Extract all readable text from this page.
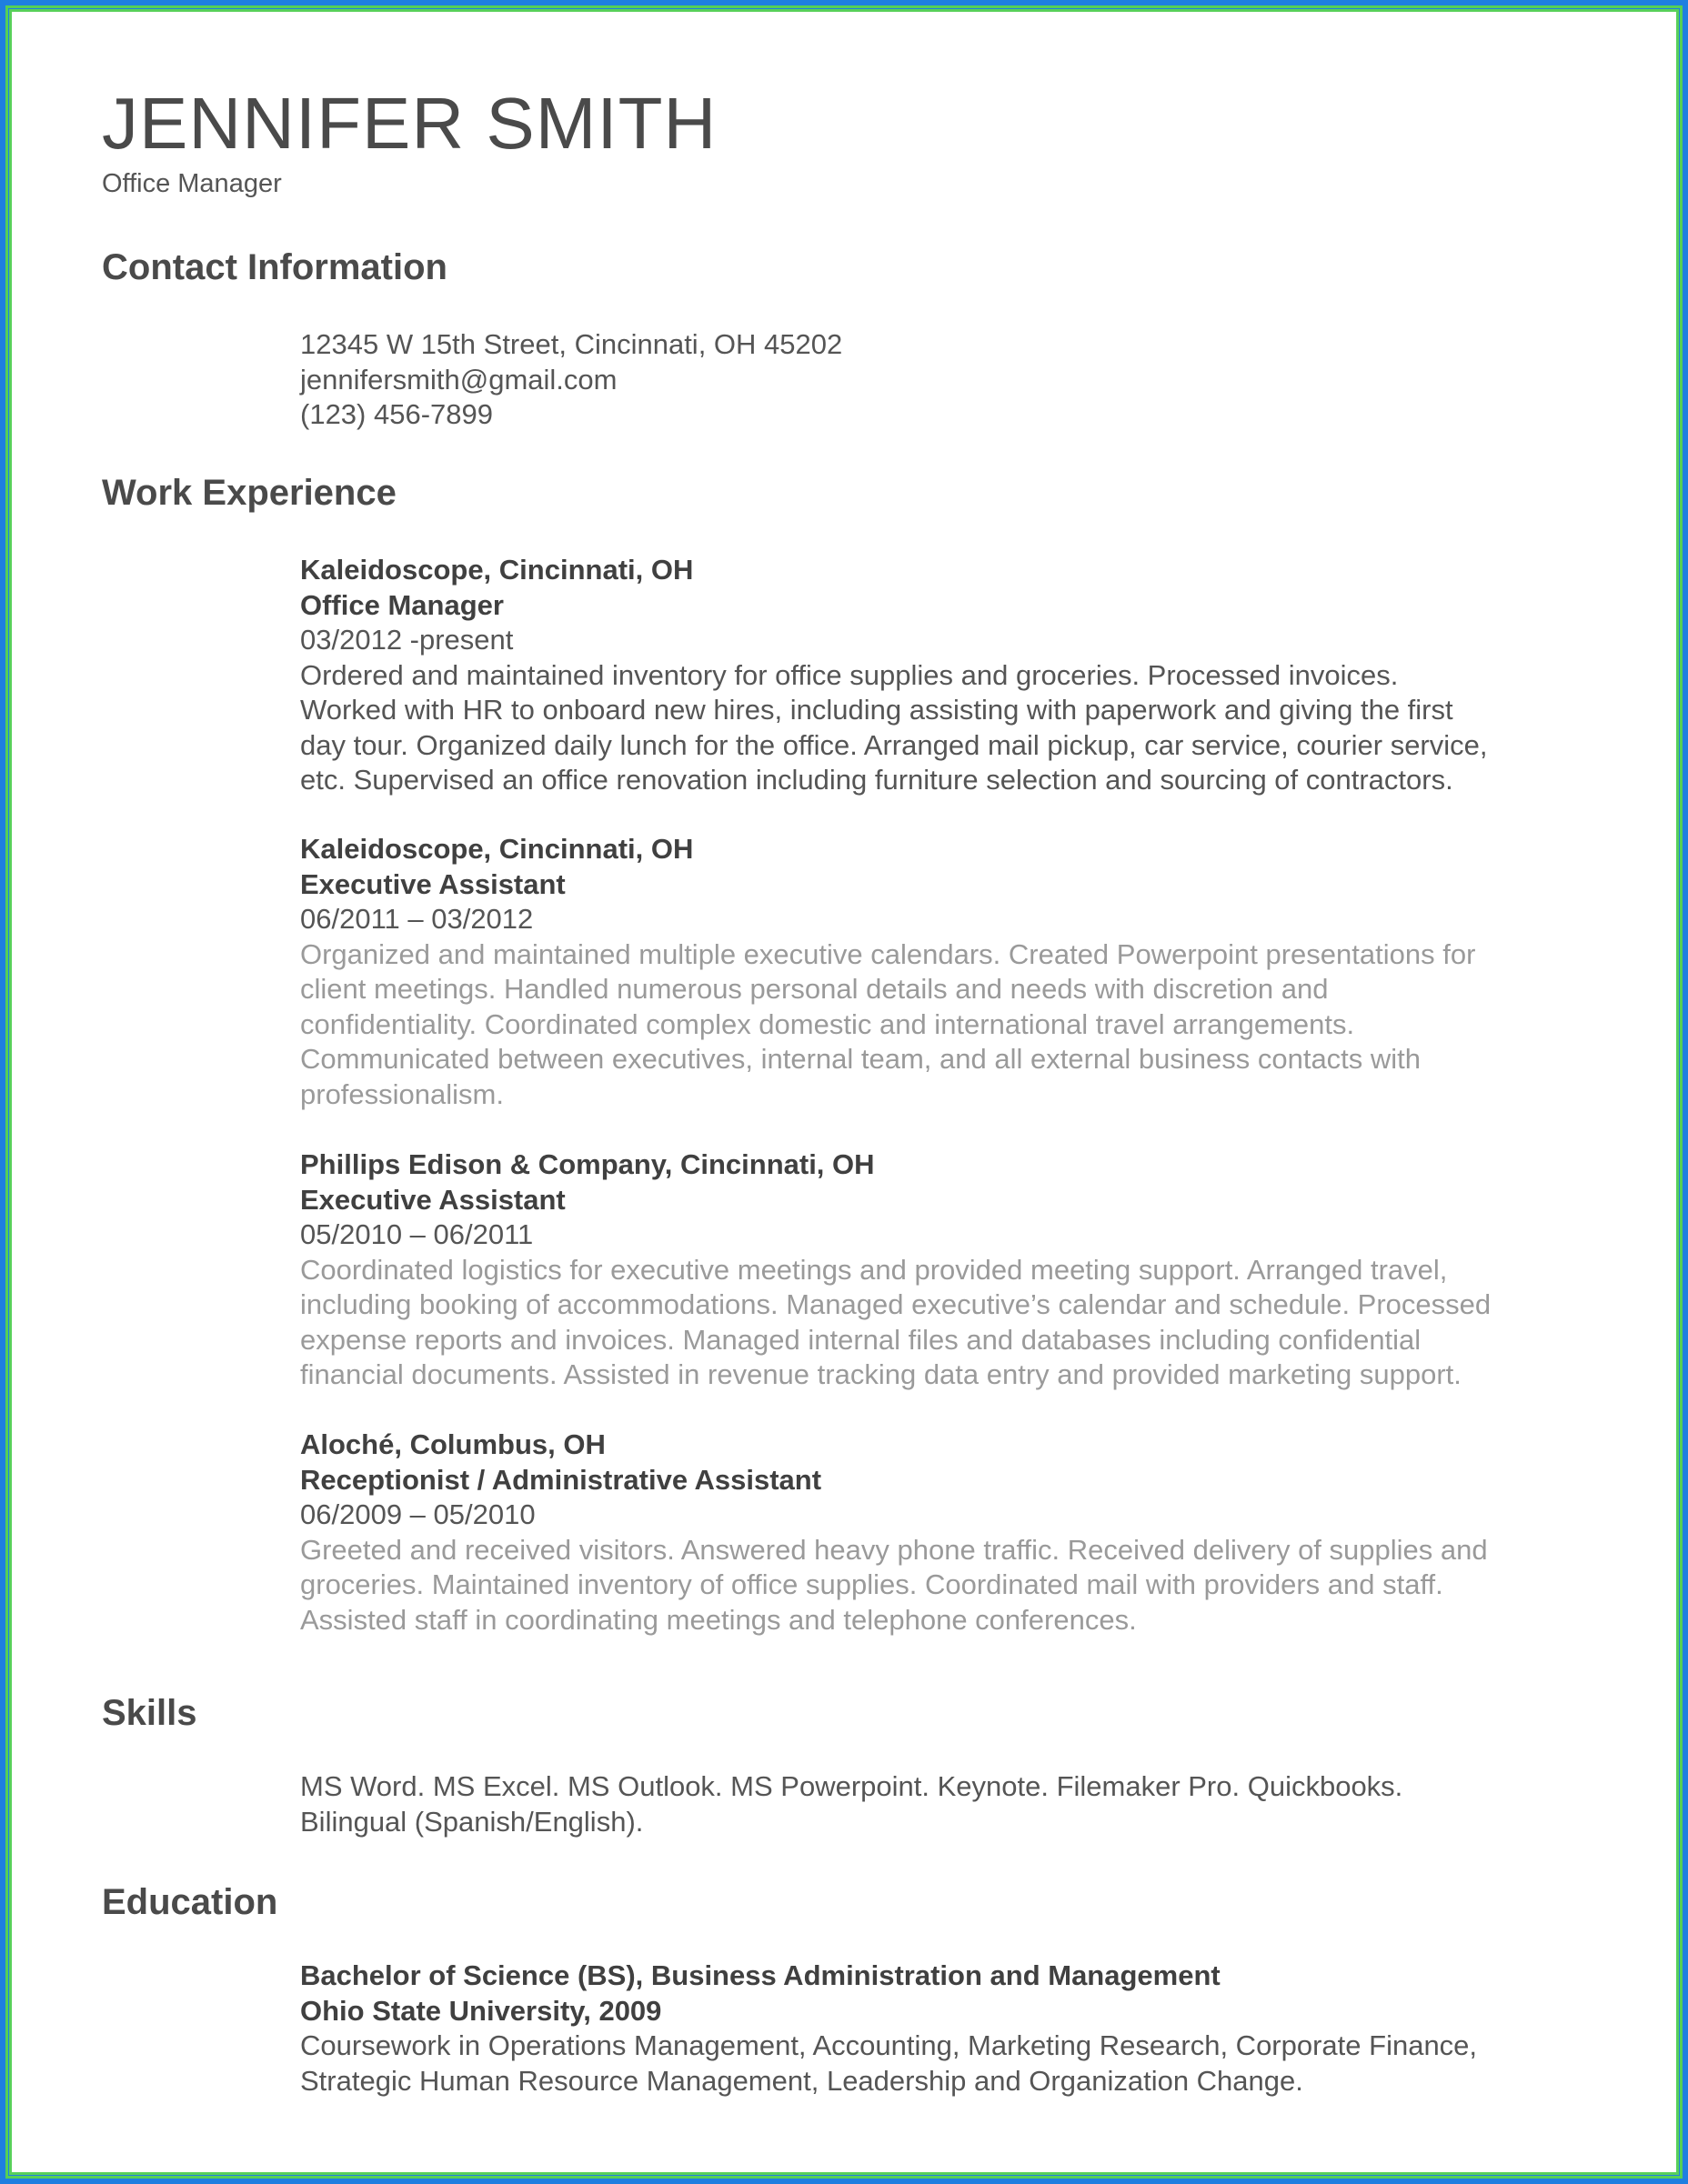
JENNIFER SMITH
Office Manager
Contact Information
12345 W 15th Street, Cincinnati, OH 45202
jennifersmith@gmail.com
(123) 456-7899
Work Experience
Kaleidoscope, Cincinnati, OH
Office Manager
03/2012 -present
Ordered and maintained inventory for office supplies and groceries. Processed invoices.
Worked with HR to onboard new hires, including assisting with paperwork and giving the first
day tour. Organized daily lunch for the office. Arranged mail pickup, car service, courier service,
etc. Supervised an office renovation including furniture selection and sourcing of contractors.
Kaleidoscope, Cincinnati, OH
Executive Assistant
06/2011 – 03/2012
Organized and maintained multiple executive calendars. Created Powerpoint presentations for
client meetings. Handled numerous personal details and needs with discretion and
confidentiality. Coordinated complex domestic and international travel arrangements.
Communicated between executives, internal team, and all external business contacts with
professionalism.
Phillips Edison & Company, Cincinnati, OH
Executive Assistant
05/2010 – 06/2011
Coordinated logistics for executive meetings and provided meeting support. Arranged travel,
including booking of accommodations. Managed executive’s calendar and schedule. Processed
expense reports and invoices. Managed internal files and databases including confidential
financial documents. Assisted in revenue tracking data entry and provided marketing support.
Aloché, Columbus, OH
Receptionist / Administrative Assistant
06/2009 – 05/2010
Greeted and received visitors. Answered heavy phone traffic. Received delivery of supplies and
groceries. Maintained inventory of office supplies. Coordinated mail with providers and staff.
Assisted staff in coordinating meetings and telephone conferences.
Skills
MS Word. MS Excel. MS Outlook. MS Powerpoint. Keynote. Filemaker Pro. Quickbooks.
Bilingual (Spanish/English).
Education
Bachelor of Science (BS), Business Administration and Management
Ohio State University, 2009
Coursework in Operations Management, Accounting, Marketing Research, Corporate Finance,
Strategic Human Resource Management, Leadership and Organization Change.
